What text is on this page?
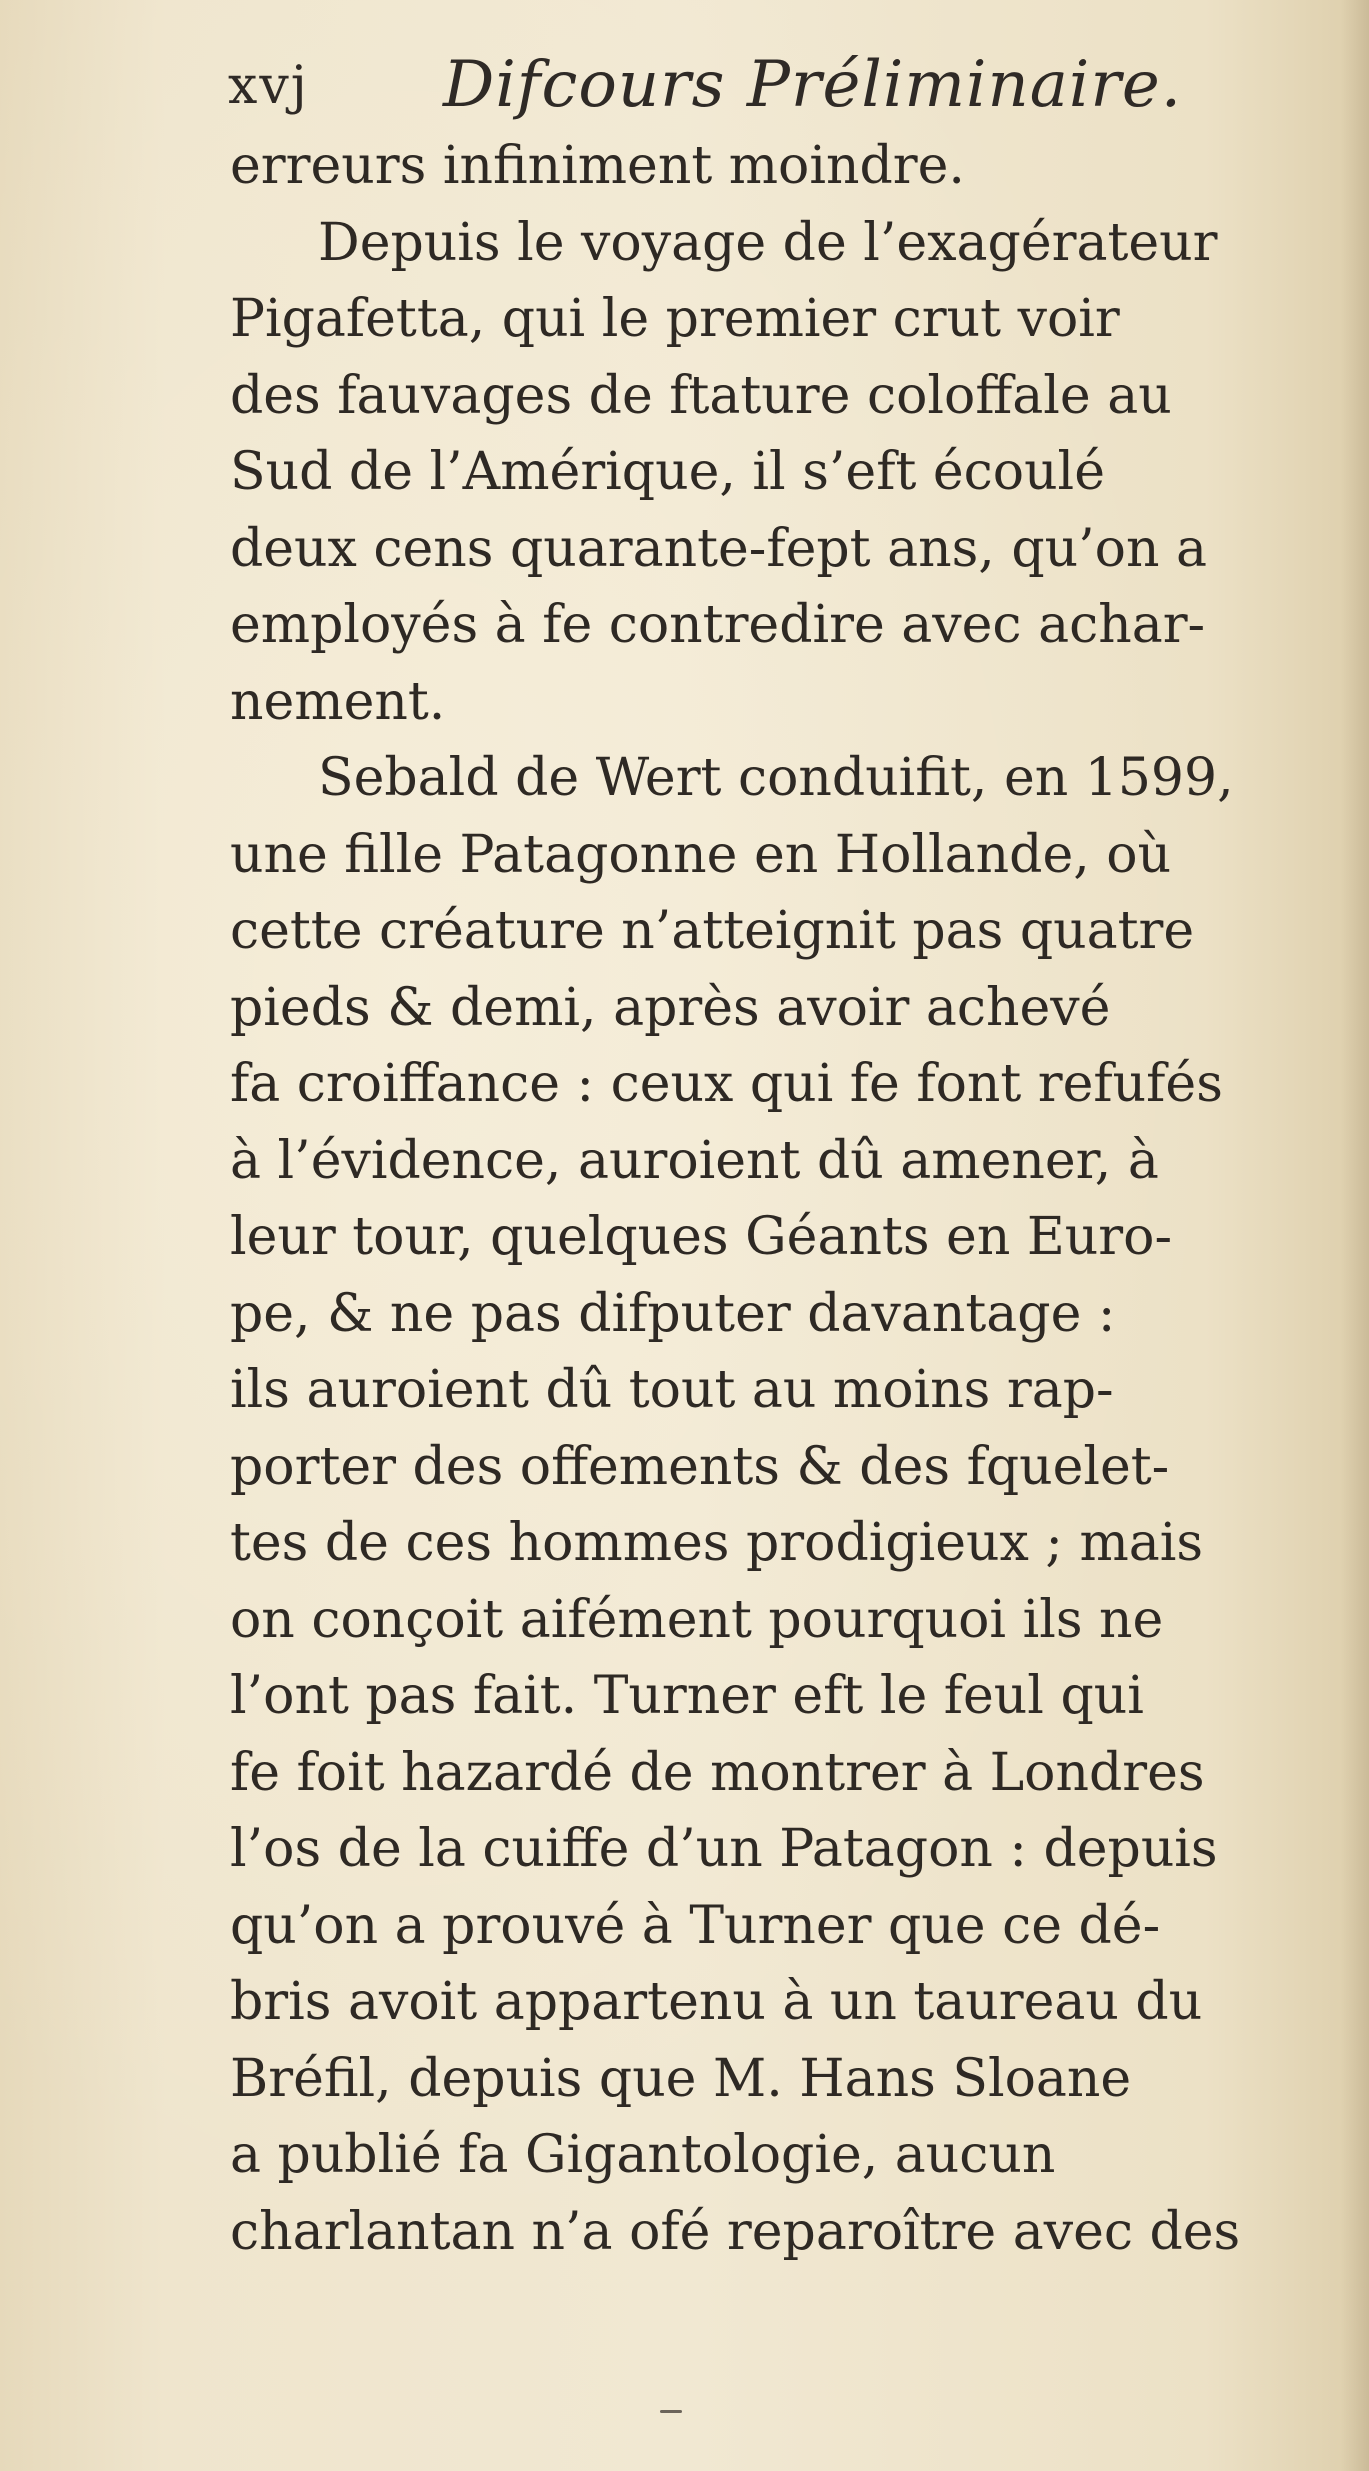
xvj Difcours Préliminaire.
erreurs infiniment moindre.
Depuis le voyage de l’exagérateur
Pigafetta, qui le premier crut voir
des fauvages de ftature coloffale au
Sud de l’Amérique, il s’eft écoulé
deux cens quarante-fept ans, qu’on a
employés à fe contredire avec achar-
nement.
Sebald de Wert conduifit, en 1599,
une fille Patagonne en Hollande, où
cette créature n’atteignit pas quatre
pieds & demi, après avoir achevé
fa croiffance : ceux qui fe font refufés
à l’évidence, auroient dû amener, à
leur tour, quelques Géants en Euro-
pe, & ne pas difputer davantage :
ils auroient dû tout au moins rap-
porter des offements & des fquelet-
tes de ces hommes prodigieux ; mais
on conçoit aifément pourquoi ils ne
l’ont pas fait. Turner eft le feul qui
fe foit hazardé de montrer à Londres
l’os de la cuiffe d’un Patagon : depuis
qu’on a prouvé à Turner que ce dé-
bris avoit appartenu à un taureau du
Bréfil, depuis que M. Hans Sloane
a publié fa Gigantologie, aucun
charlantan n’a ofé reparoître avec des
